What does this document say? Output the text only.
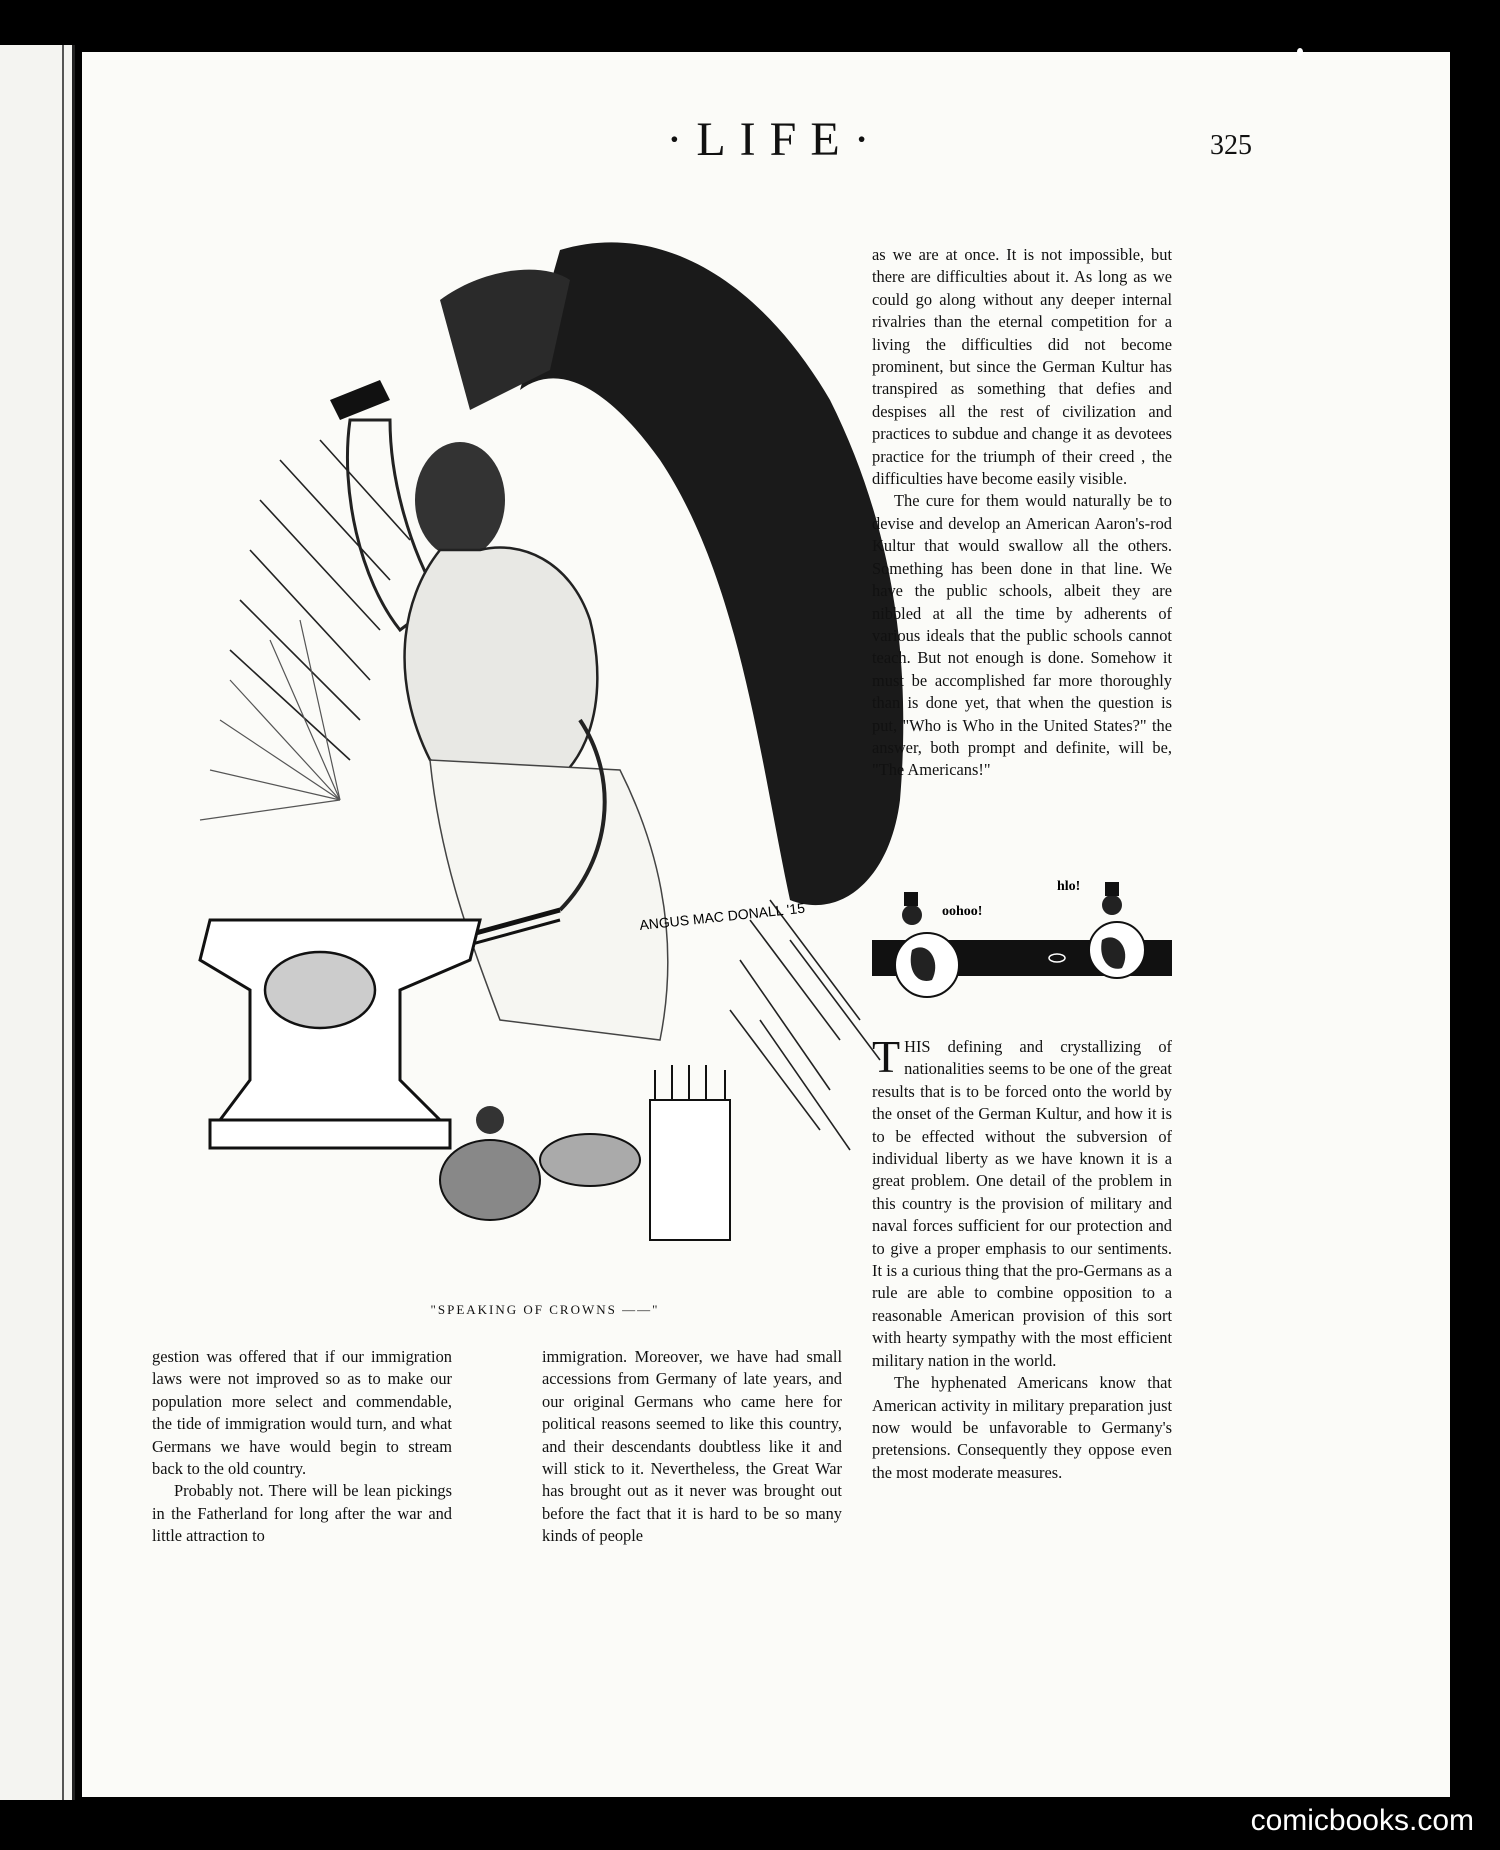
·LIFE·	325
ANGUS MAC DONALL '15
"SPEAKING OF CROWNS ——"

as we are at once. It is not impossible, but there are difficulties about it. As long as we could go along without any deeper internal rivalries than the eternal competition for a living the difficulties did not become prominent, but since the German Kultur has transpired as something that defies and despises all the rest of civilization and practices to subdue and change it as devotees practice for the triumph of their creed , the difficulties have become easily visible.

The cure for them would naturally be to devise and develop an American Aaron's-rod Kultur that would swallow all the others. Something has been done in that line. We have the public schools, albeit they are nibbled at all the time by adherents of various ideals that the public schools cannot teach. But not enough is done. Somehow it must be accomplished far more thoroughly than is done yet, that when the question is put, "Who is Who in the United States?" the answer, both prompt and definite, will be, "The Americans!"

oohoo!
hlo!

THIS defining and crystallizing of nationalities seems to be one of the great results that is to be forced onto the world by the onset of the German Kultur, and how it is to be effected without the subversion of individual liberty as we have known it is a great problem. One detail of the problem in this country is the provision of military and naval forces sufficient for our protection and to give a proper emphasis to our sentiments. It is a curious thing that the pro-Germans as a rule are able to combine opposition to a reasonable American provision of this sort with hearty sympathy with the most efficient military nation in the world.

The hyphenated Americans know that American activity in military preparation just now would be unfavorable to Germany's pretensions. Consequently they oppose even the most moderate measures.

gestion was offered that if our immigration laws were not improved so as to make our population more select and commendable, the tide of immigration would turn, and what Germans we have would begin to stream back to the old country.

Probably not. There will be lean pickings in the Fatherland for long after the war and little attraction to

immigration. Moreover, we have had small accessions from Germany of late years, and our original Germans who came here for political reasons seemed to like this country, and their descendants doubtless like it and will stick to it. Nevertheless, the Great War has brought out as it never was brought out before the fact that it is hard to be so many kinds of people

comicbooks.com
